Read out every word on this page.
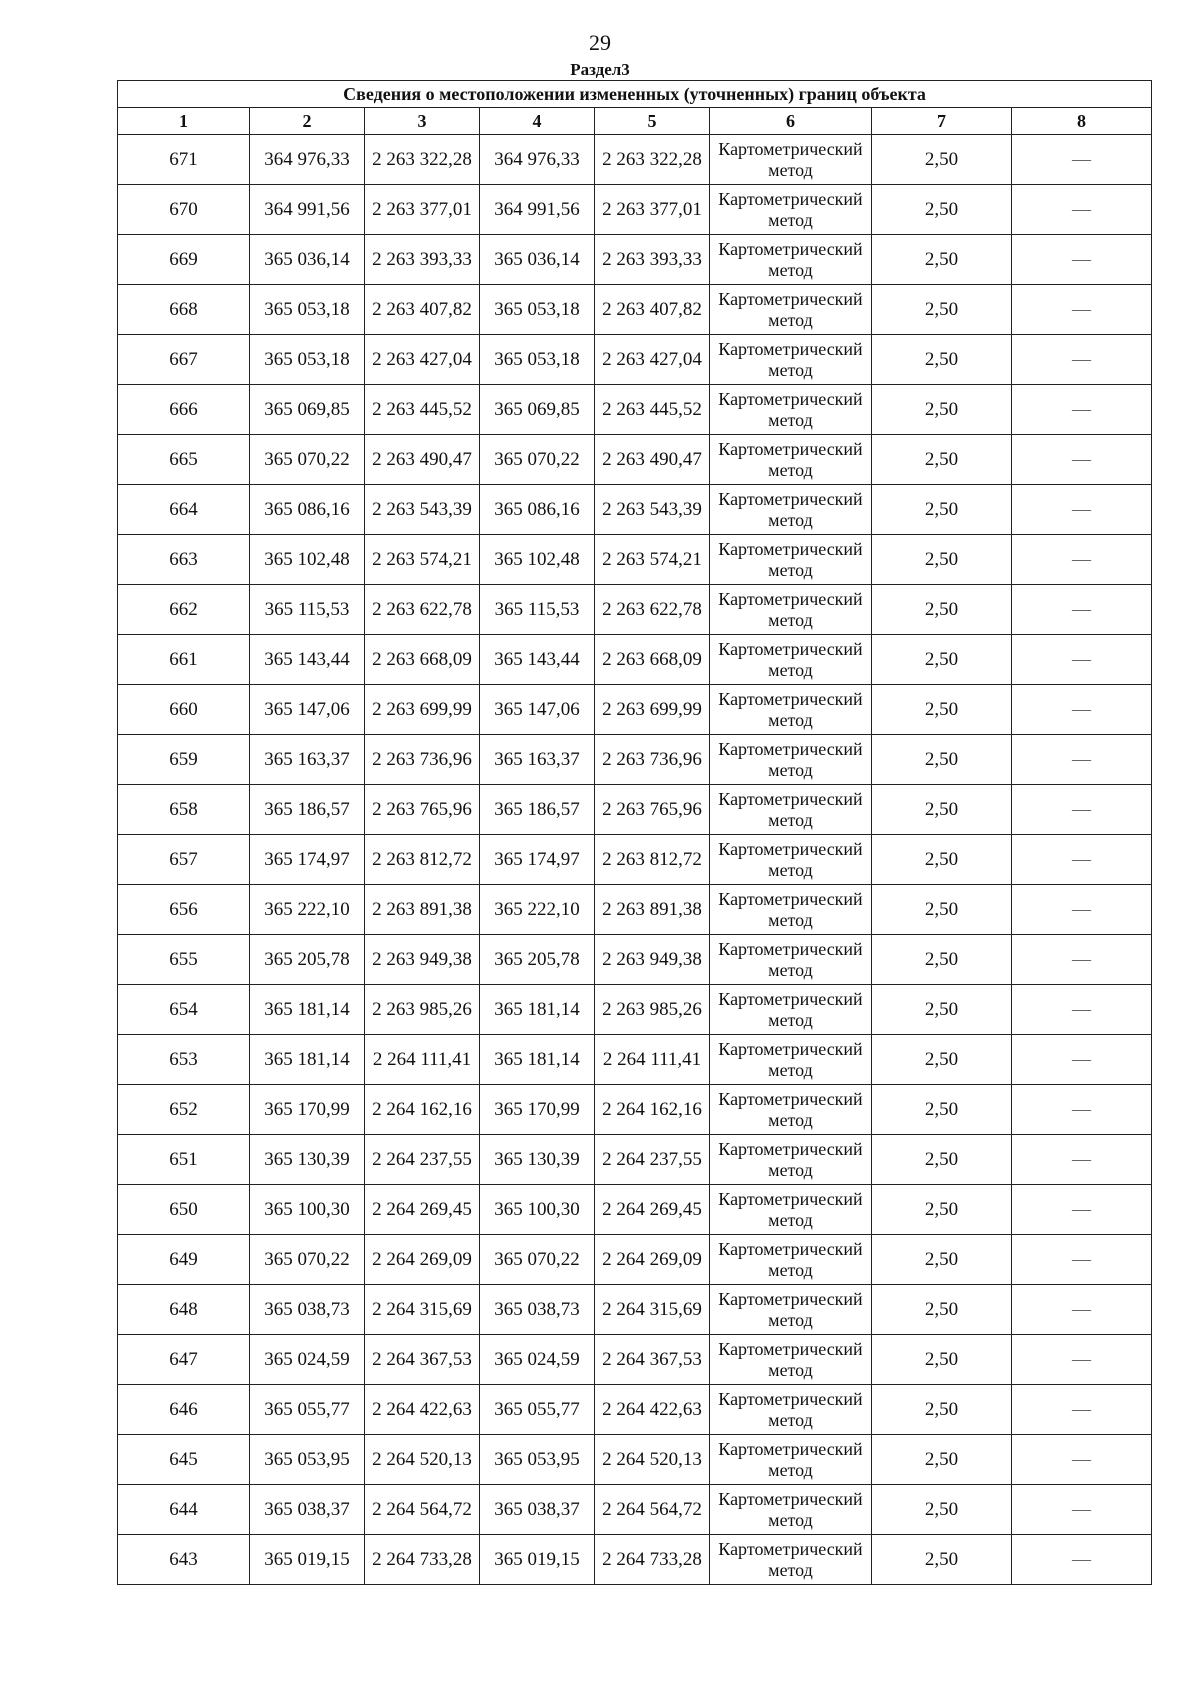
29
Раздел3
Сведения о местоположении измененных (уточненных) границ объекта							
1	2	3	4	5	6	7	8
671	364 976,33	2 263 322,28	364 976,33	2 263 322,28	Картометрический метод	2,50	—
670	364 991,56	2 263 377,01	364 991,56	2 263 377,01	Картометрический метод	2,50	—
669	365 036,14	2 263 393,33	365 036,14	2 263 393,33	Картометрический метод	2,50	—
668	365 053,18	2 263 407,82	365 053,18	2 263 407,82	Картометрический метод	2,50	—
667	365 053,18	2 263 427,04	365 053,18	2 263 427,04	Картометрический метод	2,50	—
666	365 069,85	2 263 445,52	365 069,85	2 263 445,52	Картометрический метод	2,50	—
665	365 070,22	2 263 490,47	365 070,22	2 263 490,47	Картометрический метод	2,50	—
664	365 086,16	2 263 543,39	365 086,16	2 263 543,39	Картометрический метод	2,50	—
663	365 102,48	2 263 574,21	365 102,48	2 263 574,21	Картометрический метод	2,50	—
662	365 115,53	2 263 622,78	365 115,53	2 263 622,78	Картометрический метод	2,50	—
661	365 143,44	2 263 668,09	365 143,44	2 263 668,09	Картометрический метод	2,50	—
660	365 147,06	2 263 699,99	365 147,06	2 263 699,99	Картометрический метод	2,50	—
659	365 163,37	2 263 736,96	365 163,37	2 263 736,96	Картометрический метод	2,50	—
658	365 186,57	2 263 765,96	365 186,57	2 263 765,96	Картометрический метод	2,50	—
657	365 174,97	2 263 812,72	365 174,97	2 263 812,72	Картометрический метод	2,50	—
656	365 222,10	2 263 891,38	365 222,10	2 263 891,38	Картометрический метод	2,50	—
655	365 205,78	2 263 949,38	365 205,78	2 263 949,38	Картометрический метод	2,50	—
654	365 181,14	2 263 985,26	365 181,14	2 263 985,26	Картометрический метод	2,50	—
653	365 181,14	2 264 111,41	365 181,14	2 264 111,41	Картометрический метод	2,50	—
652	365 170,99	2 264 162,16	365 170,99	2 264 162,16	Картометрический метод	2,50	—
651	365 130,39	2 264 237,55	365 130,39	2 264 237,55	Картометрический метод	2,50	—
650	365 100,30	2 264 269,45	365 100,30	2 264 269,45	Картометрический метод	2,50	—
649	365 070,22	2 264 269,09	365 070,22	2 264 269,09	Картометрический метод	2,50	—
648	365 038,73	2 264 315,69	365 038,73	2 264 315,69	Картометрический метод	2,50	—
647	365 024,59	2 264 367,53	365 024,59	2 264 367,53	Картометрический метод	2,50	—
646	365 055,77	2 264 422,63	365 055,77	2 264 422,63	Картометрический метод	2,50	—
645	365 053,95	2 264 520,13	365 053,95	2 264 520,13	Картометрический метод	2,50	—
644	365 038,37	2 264 564,72	365 038,37	2 264 564,72	Картометрический метод	2,50	—
643	365 019,15	2 264 733,28	365 019,15	2 264 733,28	Картометрический метод	2,50	—
